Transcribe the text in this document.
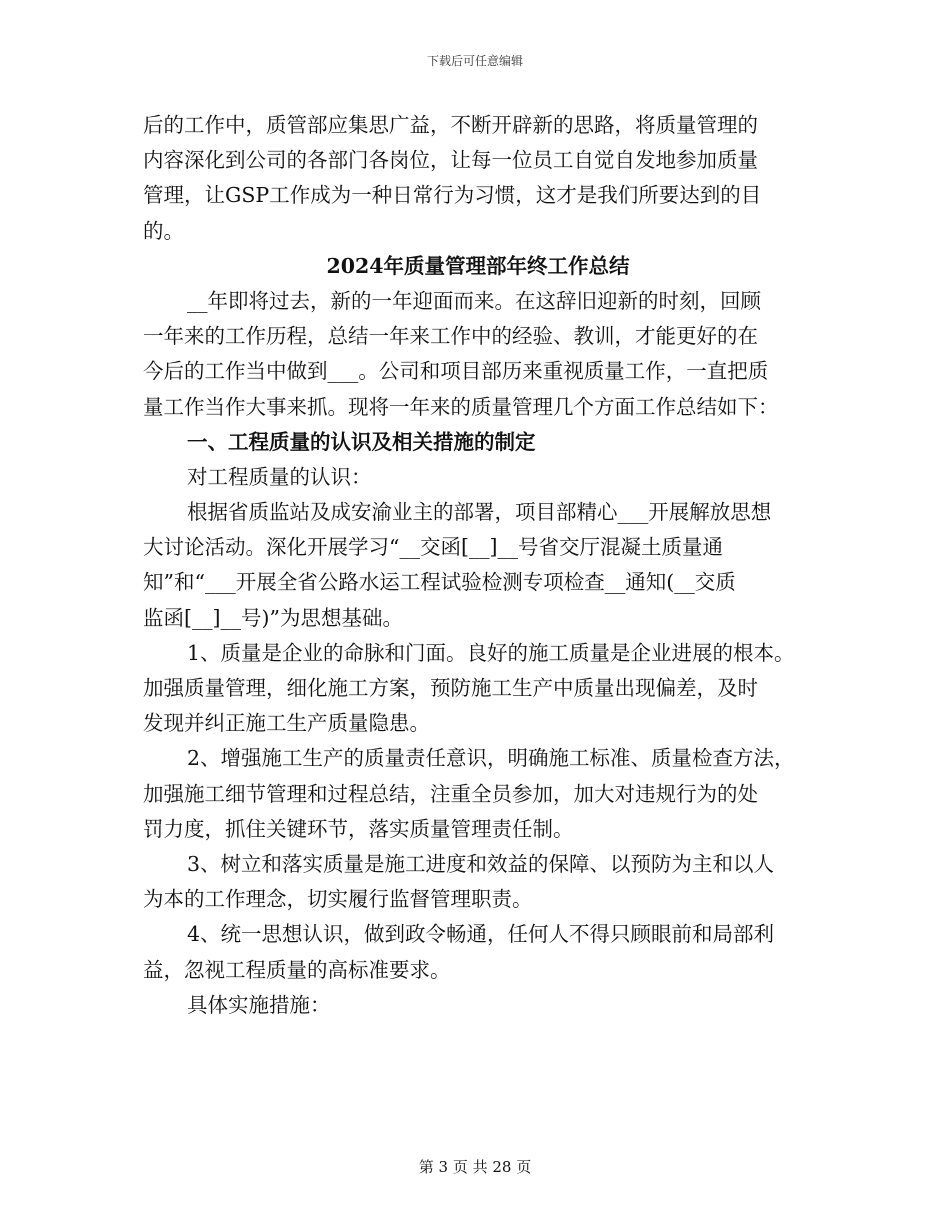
下载后可任意编辑
后的工作中，质管部应集思广益，不断开辟新的思路，将质量管理的
内容深化到公司的各部门各岗位，让每一位员工自觉自发地参加质量
管理，让GSP工作成为一种日常行为习惯，这才是我们所要达到的目
的。
2024年质量管理部年终工作总结
__年即将过去，新的一年迎面而来。在这辞旧迎新的时刻，回顾
一年来的工作历程，总结一年来工作中的经验、教训，才能更好的在
今后的工作当中做到___。公司和项目部历来重视质量工作，一直把质
量工作当作大事来抓。现将一年来的质量管理几个方面工作总结如下：
一、工程质量的认识及相关措施的制定
对工程质量的认识：
根据省质监站及成安渝业主的部署，项目部精心___开展解放思想
大讨论活动。深化开展学习“__交函[__]__号省交厅混凝土质量通
知”和“___开展全省公路水运工程试验检测专项检查__通知(__交质
监函[__]__号)”为思想基础。
1、质量是企业的命脉和门面。良好的施工质量是企业进展的根本。
加强质量管理，细化施工方案，预防施工生产中质量出现偏差，及时
发现并纠正施工生产质量隐患。
2、增强施工生产的质量责任意识，明确施工标准、质量检查方法，
加强施工细节管理和过程总结，注重全员参加，加大对违规行为的处
罚力度，抓住关键环节，落实质量管理责任制。
3、树立和落实质量是施工进度和效益的保障、以预防为主和以人
为本的工作理念，切实履行监督管理职责。
4、统一思想认识，做到政令畅通，任何人不得只顾眼前和局部利
益，忽视工程质量的高标准要求。
具体实施措施：
第 3 页 共 28 页
